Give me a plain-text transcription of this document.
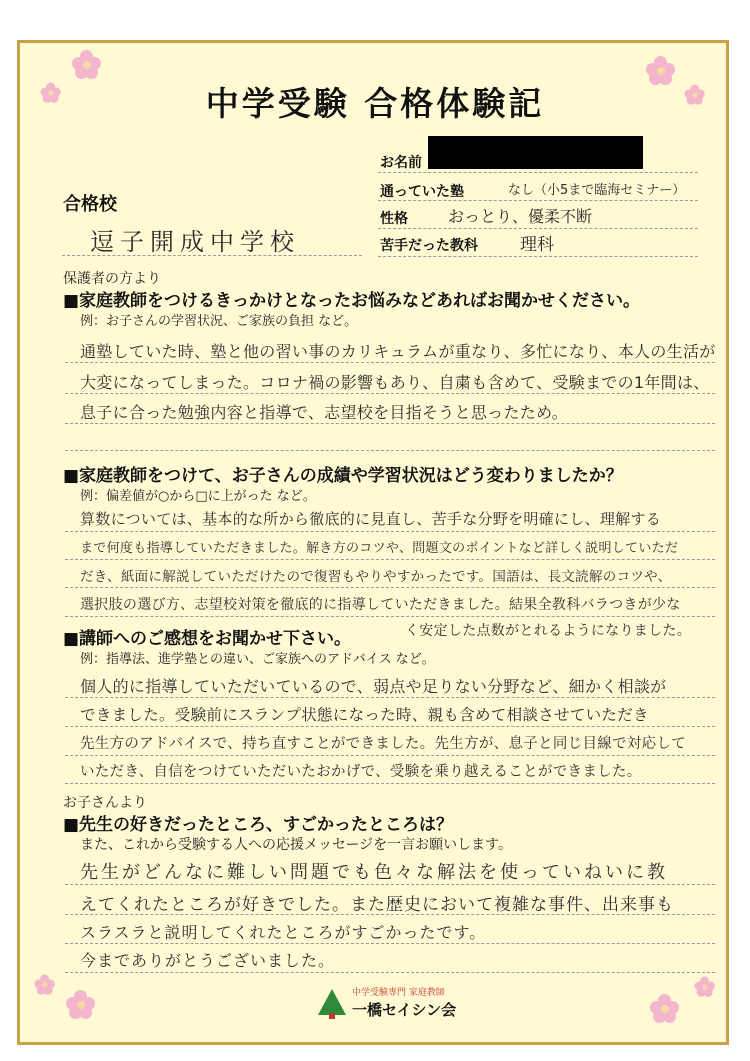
中学受験 合格体験記
お名前
通っていた塾	なし（小5まで臨海セミナー）
性格	おっとり、優柔不断
苦手だった教科 理科
合格校
逗子開成中学校
保護者の方より
■家庭教師をつけるきっかけとなったお悩みなどあればお聞かせください。
例：お子さんの学習状況、ご家族の負担 など。
通塾していた時、塾と他の習い事のカリキュラムが重なり、多忙になり、本人の生活が
大変になってしまった。コロナ禍の影響もあり、自粛も含めて、受験までの1年間は、
息子に合った勉強内容と指導で、志望校を目指そうと思ったため。
■家庭教師をつけて、お子さんの成績や学習状況はどう変わりましたか？
例：偏差値が○から□に上がった など。
算数については、基本的な所から徹底的に見直し、苦手な分野を明確にし、理解する
まで何度も指導していただきました。解き方のコツや、問題文のポイントなど詳しく説明していただ
だき、紙面に解説していただけたので復習もやりやすかったです。国語は、長文読解のコツや、
選択肢の選び方、志望校対策を徹底的に指導していただきました。結果全教科バラつきが少な
く安定した点数がとれるようになりました。
■講師へのご感想をお聞かせ下さい。
例：指導法、進学塾との違い、ご家族へのアドバイス など。
個人的に指導していただいているので、弱点や足りない分野など、細かく相談が
できました。受験前にスランプ状態になった時、親も含めて相談させていただき
先生方のアドバイスで、持ち直すことができました。先生方が、息子と同じ目線で対応して
いただき、自信をつけていただいたおかげで、受験を乗り越えることができました。
お子さんより
■先生の好きだったところ、すごかったところは？
また、これから受験する人への応援メッセージを一言お願いします。
先生がどんなに難しい問題でも色々な解法を使っていねいに教
えてくれたところが好きでした。また歴史において複雑な事件、出来事も
スラスラと説明してくれたところがすごかったです。
今までありがとうございました。
中学受験専門 家庭教師
一橋セイシン会
